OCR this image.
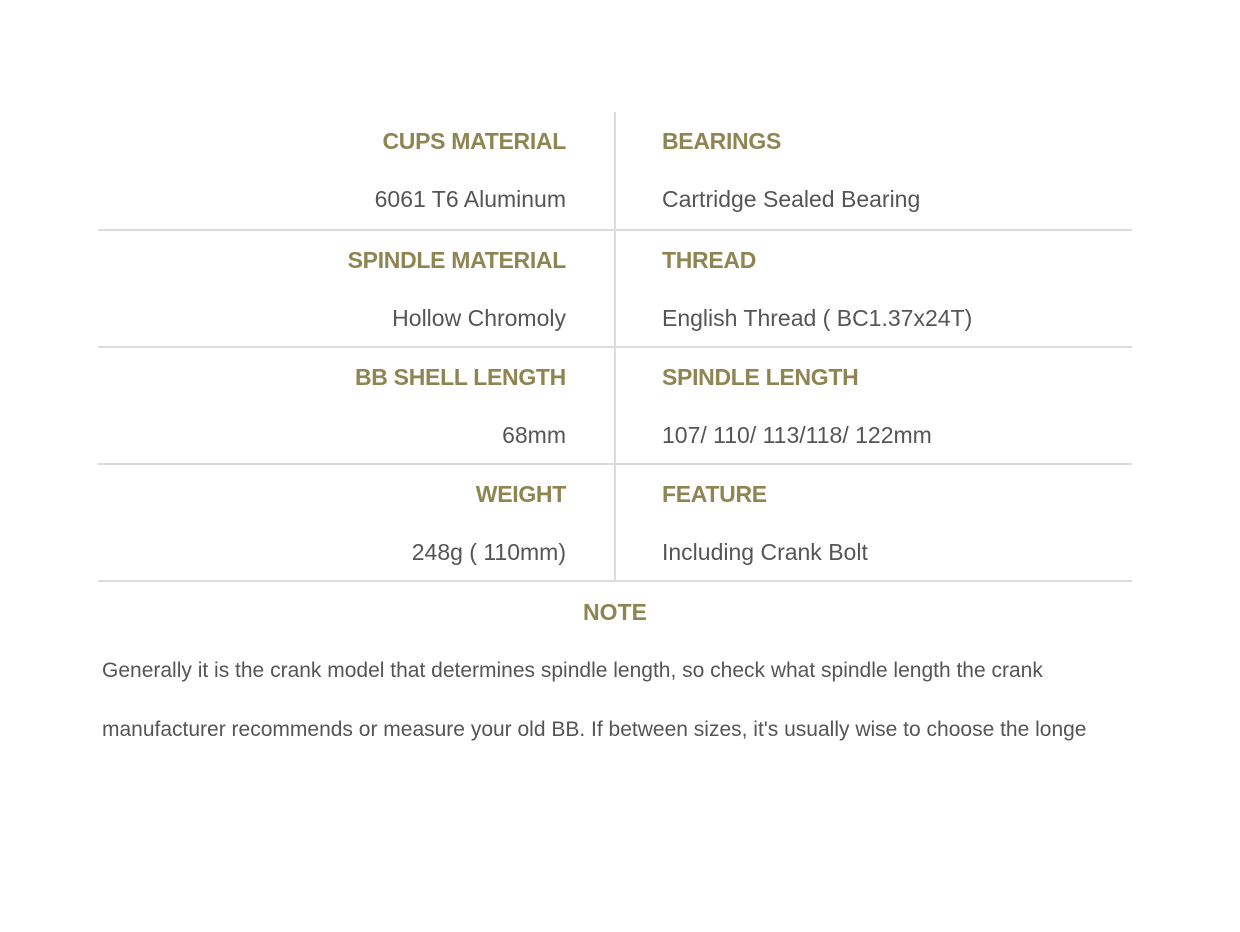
CUPS MATERIAL
6061 T6 Aluminum
BEARINGS
Cartridge Sealed Bearing
SPINDLE MATERIAL
Hollow Chromoly
THREAD
English Thread ( BC1.37x24T)
BB SHELL LENGTH
68mm
SPINDLE LENGTH
107/ 110/ 113/118/ 122mm
WEIGHT
248g ( 110mm)
FEATURE
Including Crank Bolt
NOTE
Generally it is the crank model that determines spindle length, so check what spindle length the crank
manufacturer recommends or measure your old BB. If between sizes, it's usually wise to choose the longe
